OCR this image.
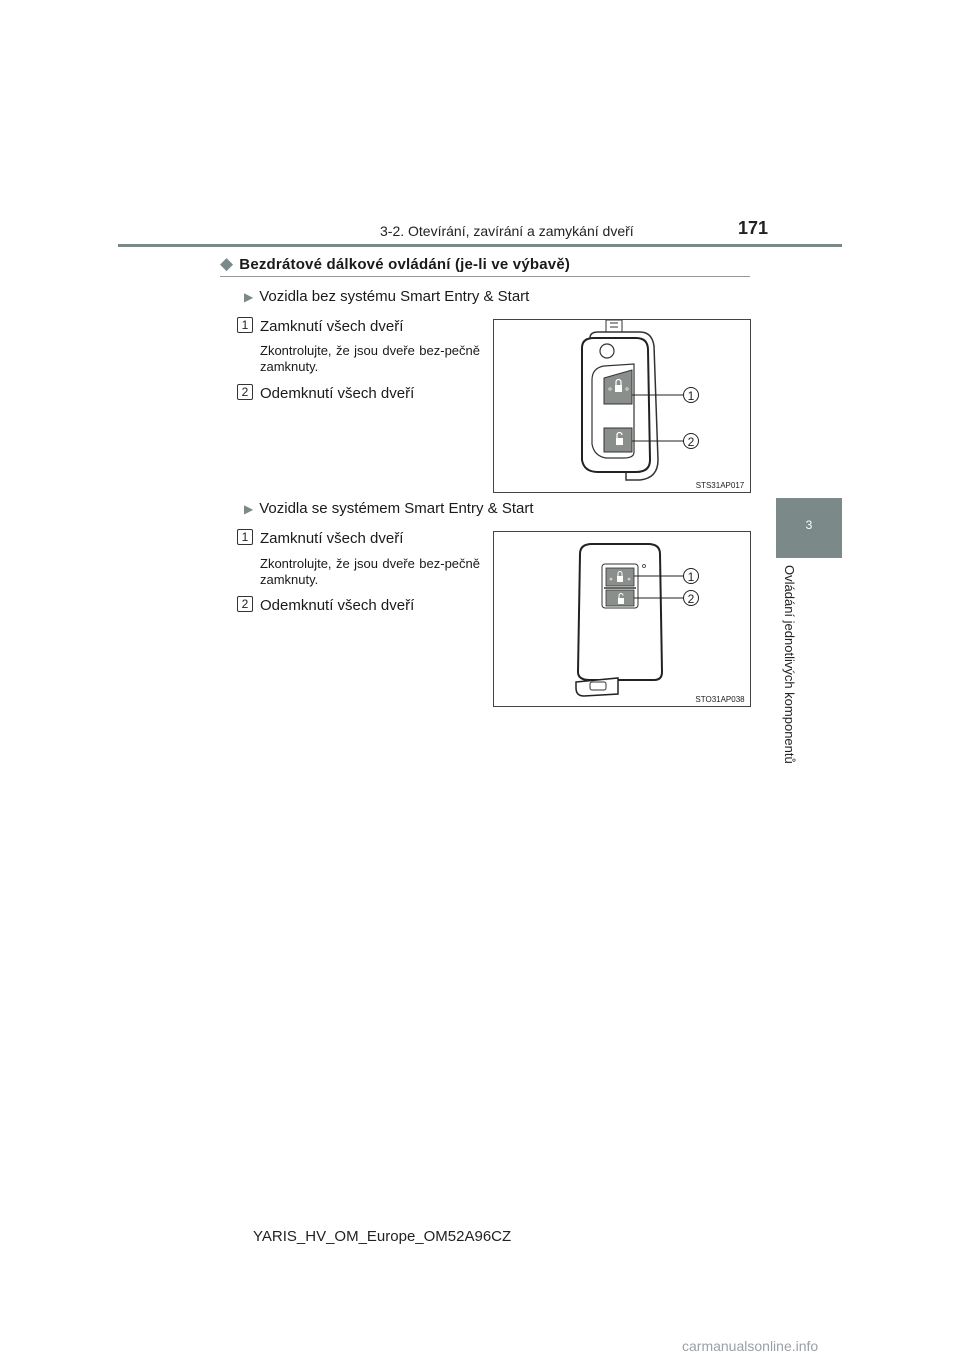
3-2. Otevírání, zavírání a zamykání dveří	171
3
Ovládání jednotlivých komponentů
◆ Bezdrátové dálkové ovládání (je-li ve výbavě)
▶ Vozidla bez systému Smart Entry & Start
1 Zamknutí všech dveří
Zkontrolujte, že jsou dveře bez-pečně zamknuty.
2 Odemknutí všech dveří	1
2
STS31AP017
▶ Vozidla se systémem Smart Entry & Start
1 Zamknutí všech dveří
Zkontrolujte, že jsou dveře bez-pečně zamknuty.
2 Odemknutí všech dveří
1
2
STO31AP038
YARIS_HV_OM_Europe_OM52A96CZ
carmanualsonline.info
